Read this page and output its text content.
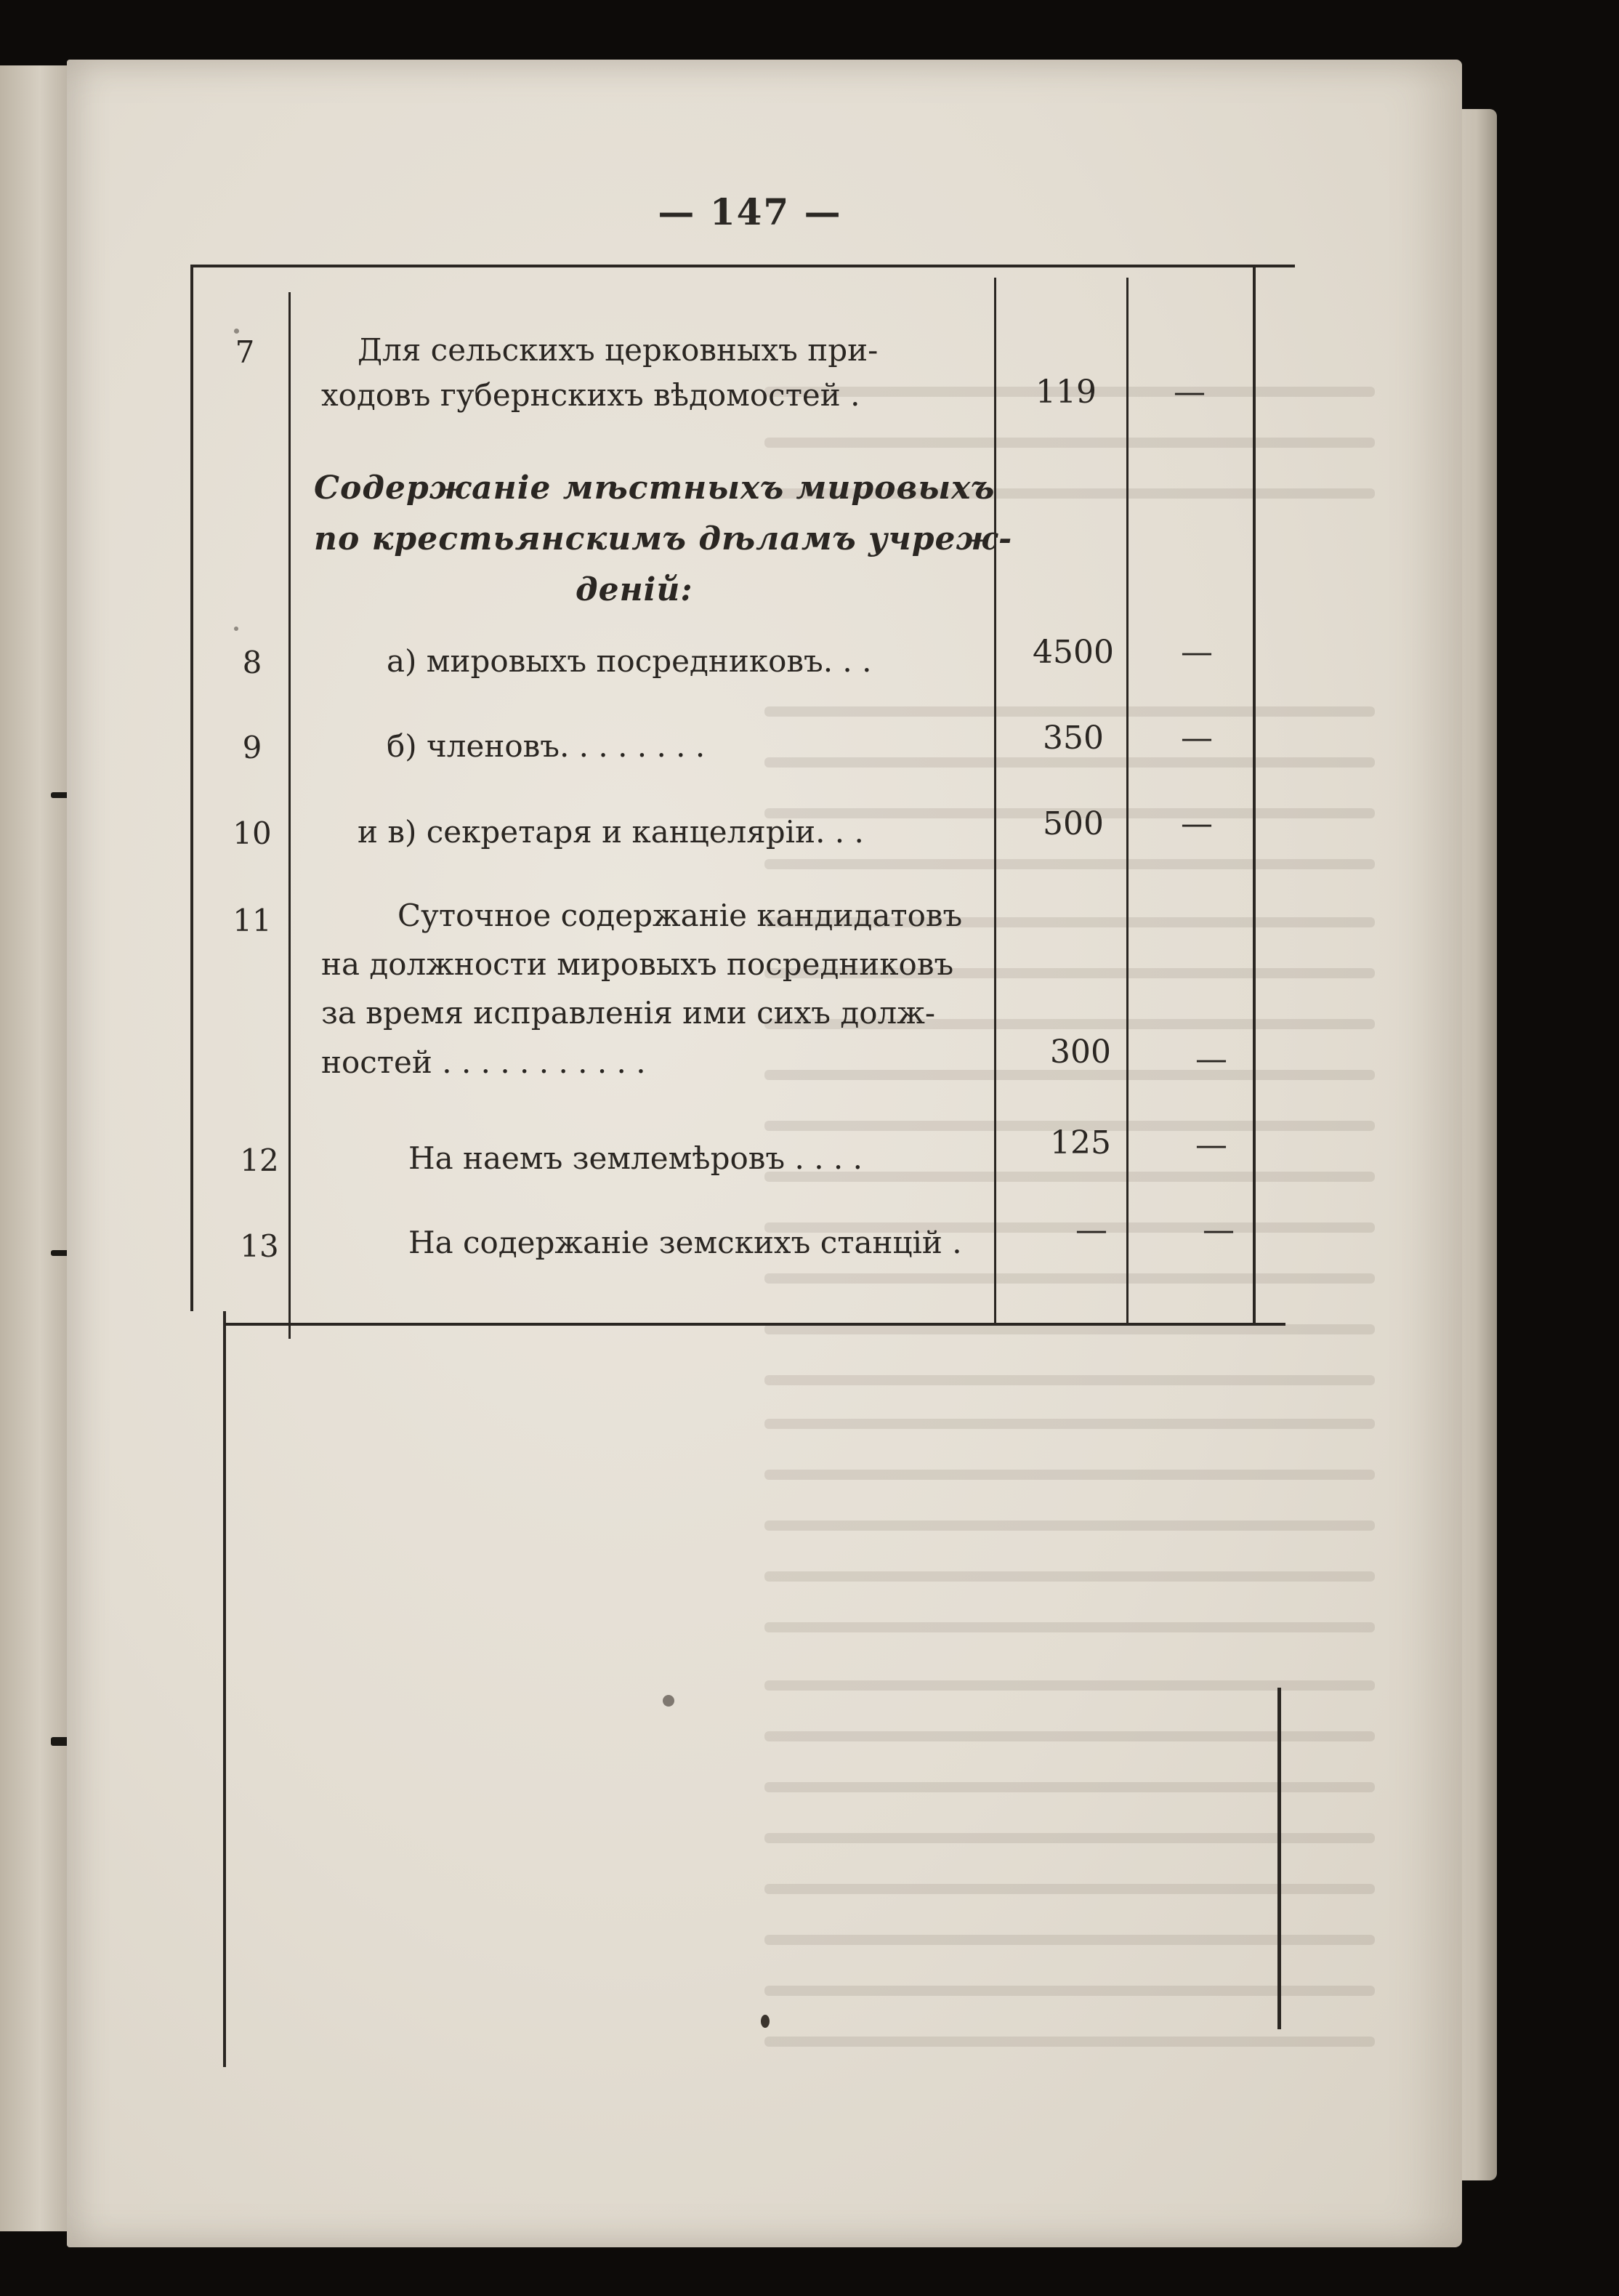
— 147 —
7	Для сельскихъ церковныхъ при-
ходовъ губернскихъ вѣдомостей .	119	—
Содержаніе мѣстныхъ мировыхъ
по крестьянскимъ дѣламъ учреж-
деній:
8	а) мировыхъ посредниковъ. . .	4500	—
9	б) членовъ. . . . . . . .	350	—
10	и в) секретаря и канцеляріи. . .	500	—
11	Суточное содержаніе кандидатовъ
на должности мировыхъ посредниковъ
за время исправленія ими сихъ долж-
ностей . . . . . . . . . . .	300	—
12	На наемъ землемѣровъ . . . .	125	—
13	На содержаніе земскихъ станцій .	—	—
